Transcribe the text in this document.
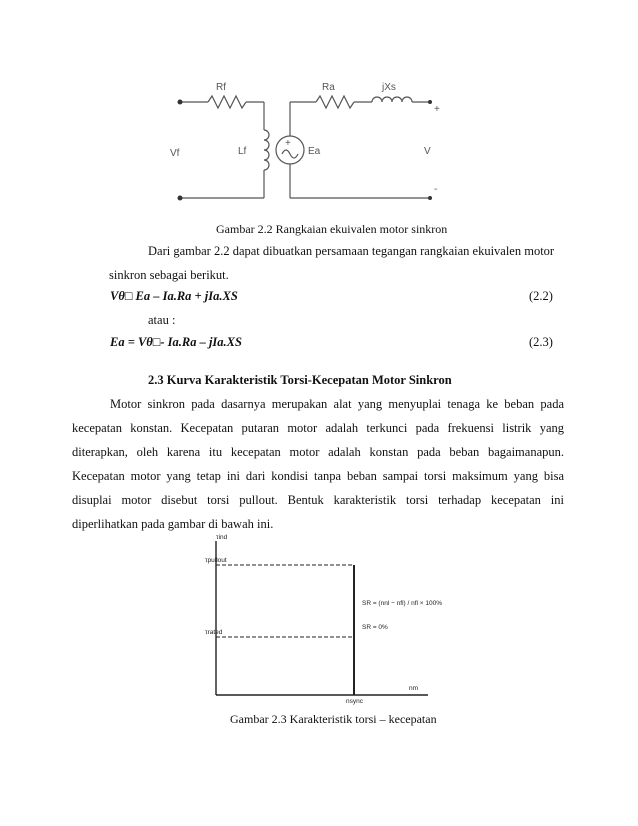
Rf	Ra	jXs
Vf	Lf	Ea
+
V
+
-
Gambar 2.2 Rangkaian ekuivalen motor sinkron
Dari gambar 2.2 dapat dibuatkan persamaan tegangan rangkaian ekuivalen motor
sinkron sebagai berikut.
Vθ□ Ea – Ia.Ra + jIa.XS	(2.2)
atau :
Ea = Vθ□- Ia.Ra – jIa.XS	(2.3)
2.3 Kurva Karakteristik Torsi-Kecepatan Motor Sinkron
Motor sinkron pada dasarnya merupakan alat yang menyuplai tenaga ke beban pada
kecepatan konstan. Kecepatan putaran motor adalah terkunci pada frekuensi listrik yang
diterapkan, oleh karena itu kecepatan motor adalah konstan pada beban bagaimanapun.
Kecepatan motor yang tetap ini dari kondisi tanpa beban sampai torsi maksimum yang bisa
disuplai motor disebut torsi pullout. Bentuk karakteristik torsi terhadap kecepatan ini
diperlihatkan pada gambar di bawah ini.
τind
τpullout
τrated
nsync
nm
SR = (nnl − nfl) / nfl × 100%
SR = 0%
Gambar 2.3 Karakteristik torsi – kecepatan
